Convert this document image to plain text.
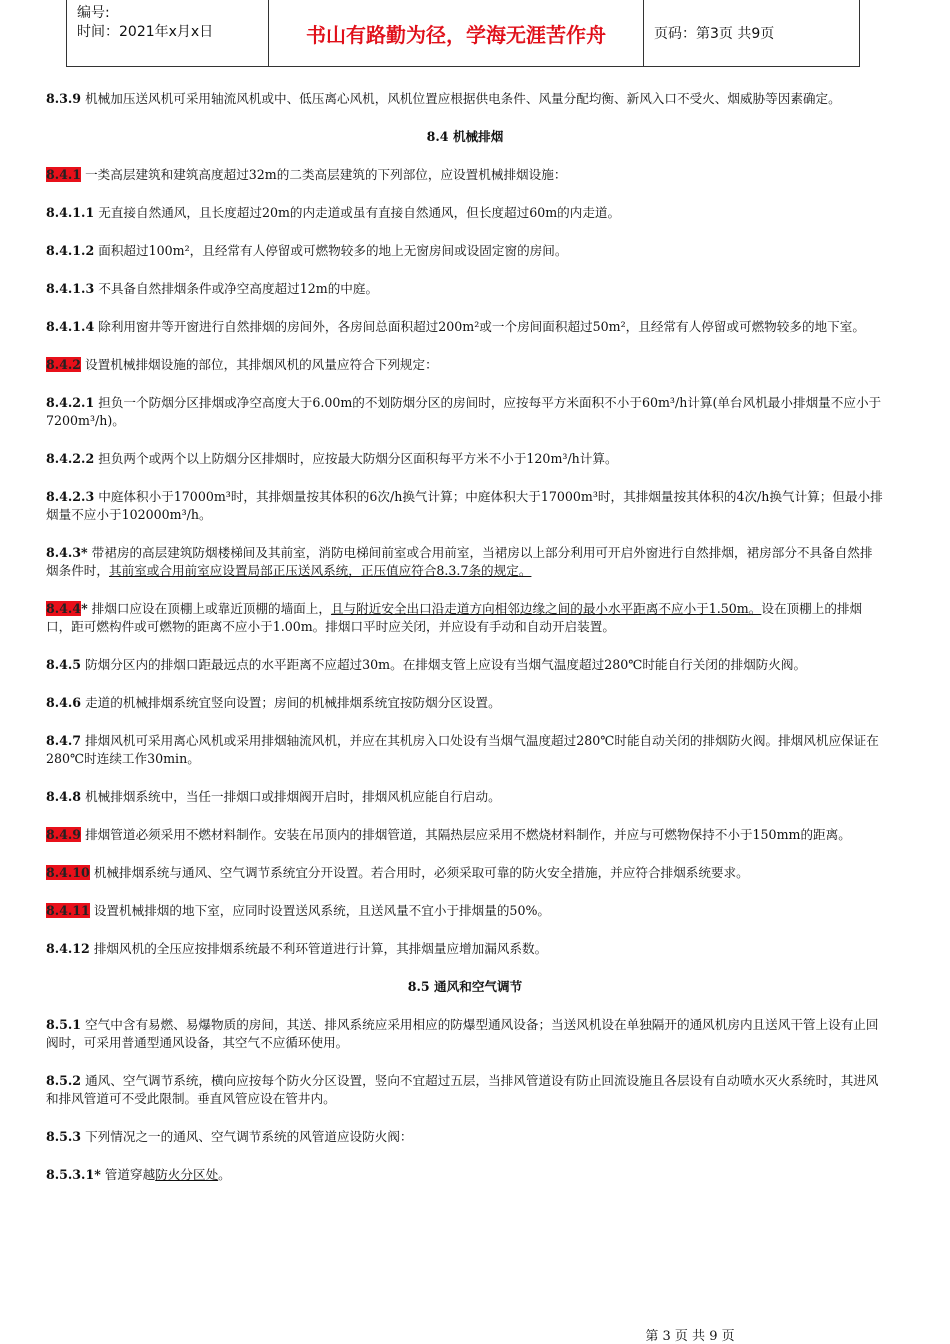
编号:
时间：2021年x月x日	书山有路勤为径，学海无涯苦作舟	页码：第3页 共9页
8.3.9 机械加压送风机可采用轴流风机或中、低压离心风机，风机位置应根据供电条件、风量分配均衡、新风入口不受火、烟威胁等因素确定。
8.4 机械排烟
8.4.1 一类高层建筑和建筑高度超过32m的二类高层建筑的下列部位，应设置机械排烟设施：
8.4.1.1 无直接自然通风，且长度超过20m的内走道或虽有直接自然通风，但长度超过60m的内走道。
8.4.1.2 面积超过100m²，且经常有人停留或可燃物较多的地上无窗房间或设固定窗的房间。
8.4.1.3 不具备自然排烟条件或净空高度超过12m的中庭。
8.4.1.4 除利用窗井等开窗进行自然排烟的房间外，各房间总面积超过200m²或一个房间面积超过50m²，且经常有人停留或可燃物较多的地下室。
8.4.2 设置机械排烟设施的部位，其排烟风机的风量应符合下列规定：
8.4.2.1 担负一个防烟分区排烟或净空高度大于6.00m的不划防烟分区的房间时，应按每平方米面积不小于60m³/h计算(单台风机最小排烟量不应小于7200m³/h)。
8.4.2.2 担负两个或两个以上防烟分区排烟时，应按最大防烟分区面积每平方米不小于120m³/h计算。
8.4.2.3 中庭体积小于17000m³时，其排烟量按其体积的6次/h换气计算；中庭体积大于17000m³时，其排烟量按其体积的4次/h换气计算；但最小排烟量不应小于102000m³/h。
8.4.3* 带裙房的高层建筑防烟楼梯间及其前室，消防电梯间前室或合用前室，当裙房以上部分利用可开启外窗进行自然排烟，裙房部分不具备自然排烟条件时，其前室或合用前室应设置局部正压送风系统，正压值应符合8.3.7条的规定。
8.4.4* 排烟口应设在顶棚上或靠近顶棚的墙面上，且与附近安全出口沿走道方向相邻边缘之间的最小水平距离不应小于1.50m。设在顶棚上的排烟口，距可燃构件或可燃物的距离不应小于1.00m。排烟口平时应关闭，并应设有手动和自动开启装置。
8.4.5 防烟分区内的排烟口距最远点的水平距离不应超过30m。在排烟支管上应设有当烟气温度超过280℃时能自行关闭的排烟防火阀。
8.4.6 走道的机械排烟系统宜竖向设置；房间的机械排烟系统宜按防烟分区设置。
8.4.7 排烟风机可采用离心风机或采用排烟轴流风机，并应在其机房入口处设有当烟气温度超过280℃时能自动关闭的排烟防火阀。排烟风机应保证在280℃时连续工作30min。
8.4.8 机械排烟系统中，当任一排烟口或排烟阀开启时，排烟风机应能自行启动。
8.4.9 排烟管道必须采用不燃材料制作。安装在吊顶内的排烟管道，其隔热层应采用不燃烧材料制作，并应与可燃物保持不小于150mm的距离。
8.4.10 机械排烟系统与通风、空气调节系统宜分开设置。若合用时，必须采取可靠的防火安全措施，并应符合排烟系统要求。
8.4.11 设置机械排烟的地下室，应同时设置送风系统，且送风量不宜小于排烟量的50%。
8.4.12 排烟风机的全压应按排烟系统最不利环管道进行计算，其排烟量应增加漏风系数。
8.5 通风和空气调节
8.5.1 空气中含有易燃、易爆物质的房间，其送、排风系统应采用相应的防爆型通风设备；当送风机设在单独隔开的通风机房内且送风干管上设有止回阀时，可采用普通型通风设备，其空气不应循环使用。
8.5.2 通风、空气调节系统，横向应按每个防火分区设置，竖向不宜超过五层，当排风管道设有防止回流设施且各层设有自动喷水灭火系统时，其进风和排风管道可不受此限制。垂直风管应设在管井内。
8.5.3 下列情况之一的通风、空气调节系统的风管道应设防火阀：
8.5.3.1* 管道穿越防火分区处。
第 3 页 共 9 页
